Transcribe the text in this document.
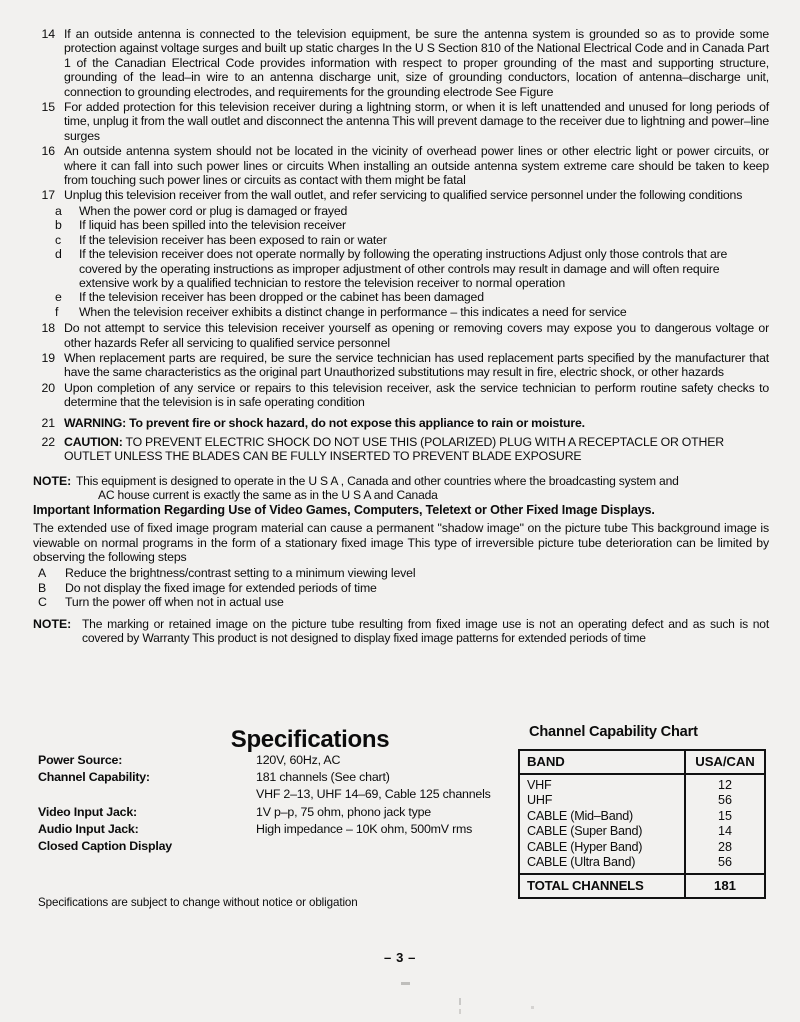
14 If an outside antenna is connected to the television equipment, be sure the antenna system is grounded so as to provide some protection against voltage surges and built up static charges In the U S Section 810 of the National Electrical Code and in Canada Part 1 of the Canadian Electrical Code provides information with respect to proper grounding of the mast and supporting structure, grounding of the lead–in wire to an antenna discharge unit, size of grounding conductors, location of antenna–discharge unit, connection to grounding electrodes, and requirements for the grounding electrode See Figure
15 For added protection for this television receiver during a lightning storm, or when it is left unattended and unused for long periods of time, unplug it from the wall outlet and disconnect the antenna This will prevent damage to the receiver due to lightning and power–line surges
16 An outside antenna system should not be located in the vicinity of overhead power lines or other electric light or power circuits, or where it can fall into such power lines or circuits When installing an outside antenna system extreme care should be taken to keep from touching such power lines or circuits as contact with them might be fatal
17 Unplug this television receiver from the wall outlet, and refer servicing to qualified service personnel under the following conditions
a	When the power cord or plug is damaged or frayed
b	If liquid has been spilled into the television receiver
c	If the television receiver has been exposed to rain or water
d	If the television receiver does not operate normally by following the operating instructions Adjust only those controls that are covered by the operating instructions as improper adjustment of other controls may result in damage and will often require extensive work by a qualified technician to restore the television receiver to normal operation
e	If the television receiver has been dropped or the cabinet has been damaged
f	When the television receiver exhibits a distinct change in performance – this indicates a need for service
18 Do not attempt to service this television receiver yourself as opening or removing covers may expose you to dangerous voltage or other hazards Refer all servicing to qualified service personnel
19 When replacement parts are required, be sure the service technician has used replacement parts specified by the manufacturer that have the same characteristics as the original part Unauthorized substitutions may result in fire, electric shock, or other hazards
20 Upon completion of any service or repairs to this television receiver, ask the service technician to perform routine safety checks to determine that the television is in safe operating condition
21 WARNING: To prevent fire or shock hazard, do not expose this appliance to rain or moisture.
22 CAUTION: TO PREVENT ELECTRIC SHOCK DO NOT USE THIS (POLARIZED) PLUG WITH A RECEPTACLE OR OTHER OUTLET UNLESS THE BLADES CAN BE FULLY INSERTED TO PREVENT BLADE EXPOSURE
NOTE: This equipment is designed to operate in the U S A , Canada and other countries where the broadcasting system and
AC house current is exactly the same as in the U S A and Canada
Important Information Regarding Use of Video Games, Computers, Teletext or Other Fixed Image Displays.
The extended use of fixed image program material can cause a permanent "shadow image" on the picture tube This background image is viewable on normal programs in the form of a stationary fixed image This type of irreversible picture tube deterioration can be limited by observing the following steps
A	Reduce the brightness/contrast setting to a minimum viewing level
B	Do not display the fixed image for extended periods of time
C	Turn the power off when not in actual use
NOTE: The marking or retained image on the picture tube resulting from fixed image use is not an operating defect and as such is not covered by Warranty This product is not designed to display fixed image patterns for extended periods of time
Specifications
Power Source:	120V, 60Hz, AC
Channel Capability:	181 channels (See chart)
	VHF 2–13, UHF 14–69, Cable 125 channels
Video Input Jack:	1V p–p, 75 ohm, phono jack type
Audio Input Jack:	High impedance – 10K ohm, 500mV rms
Closed Caption Display	
Specifications are subject to change without notice or obligation
Channel Capability Chart
BAND	USA/CAN
VHF	12
UHF	56
CABLE (Mid–Band)	15
CABLE (Super Band)	14
CABLE (Hyper Band)	28
CABLE (Ultra Band)	56
TOTAL CHANNELS	181
– 3 –
